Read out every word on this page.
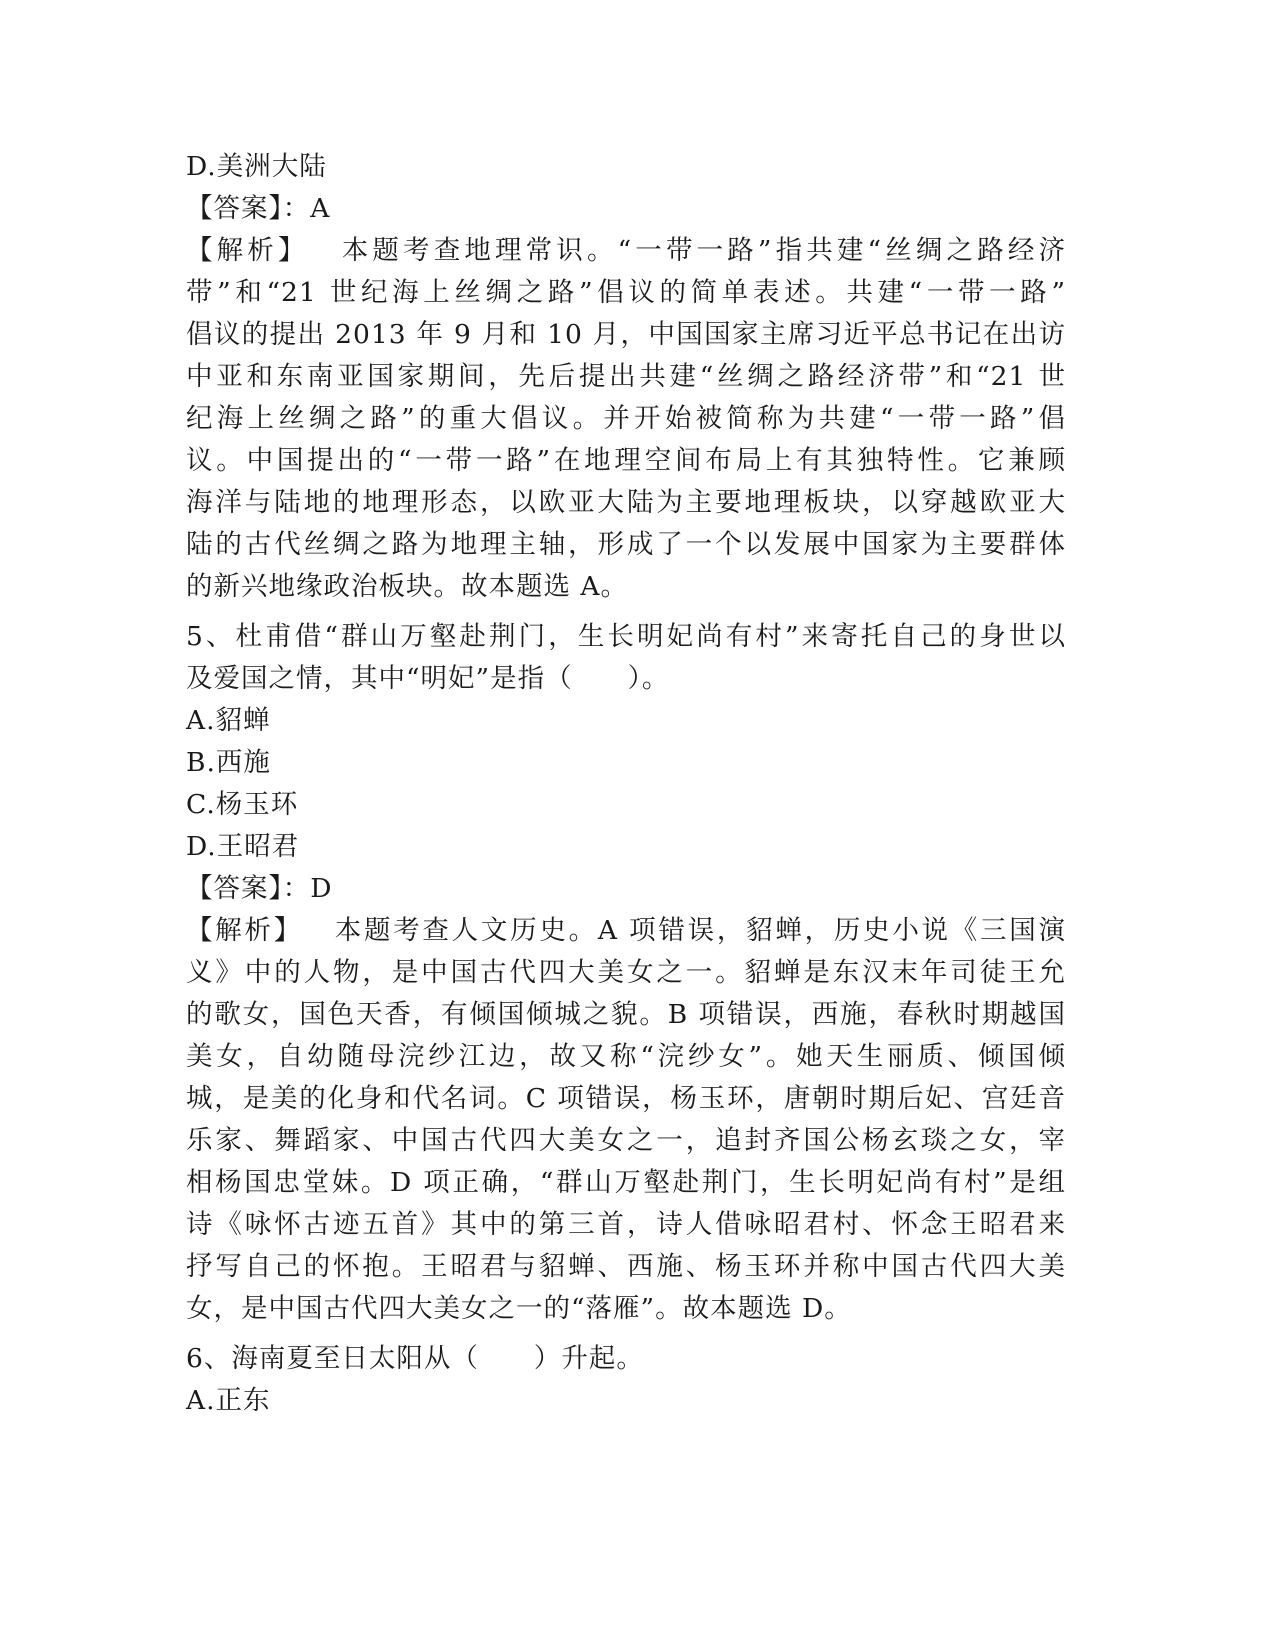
D.美洲大陆
【答案】：A
【解析】 本题考查地理常识。“一带一路”指共建“丝绸之路经济
带”和“21 世纪海上丝绸之路”倡议的简单表述。共建“一带一路”
倡议的提出 2013 年 9 月和 10 月，中国国家主席习近平总书记在出访
中亚和东南亚国家期间，先后提出共建“丝绸之路经济带”和“21 世
纪海上丝绸之路”的重大倡议。并开始被简称为共建“一带一路”倡
议。中国提出的“一带一路”在地理空间布局上有其独特性。它兼顾
海洋与陆地的地理形态，以欧亚大陆为主要地理板块，以穿越欧亚大
陆的古代丝绸之路为地理主轴，形成了一个以发展中国家为主要群体
的新兴地缘政治板块。故本题选 A。
5、杜甫借“群山万壑赴荆门，生长明妃尚有村”来寄托自己的身世以
及爱国之情，其中“明妃”是指（　　）。
A.貂蝉
B.西施
C.杨玉环
D.王昭君
【答案】：D
【解析】 本题考查人文历史。A 项错误，貂蝉，历史小说《三国演
义》中的人物，是中国古代四大美女之一。貂蝉是东汉末年司徒王允
的歌女，国色天香，有倾国倾城之貌。B 项错误，西施，春秋时期越国
美女，自幼随母浣纱江边，故又称“浣纱女”。她天生丽质、倾国倾
城，是美的化身和代名词。C 项错误，杨玉环，唐朝时期后妃、宫廷音
乐家、舞蹈家、中国古代四大美女之一，追封齐国公杨玄琰之女，宰
相杨国忠堂妹。D 项正确，“群山万壑赴荆门，生长明妃尚有村”是组
诗《咏怀古迹五首》其中的第三首，诗人借咏昭君村、怀念王昭君来
抒写自己的怀抱。王昭君与貂蝉、西施、杨玉环并称中国古代四大美
女，是中国古代四大美女之一的“落雁”。故本题选 D。
6、海南夏至日太阳从（　　）升起。
A.正东
